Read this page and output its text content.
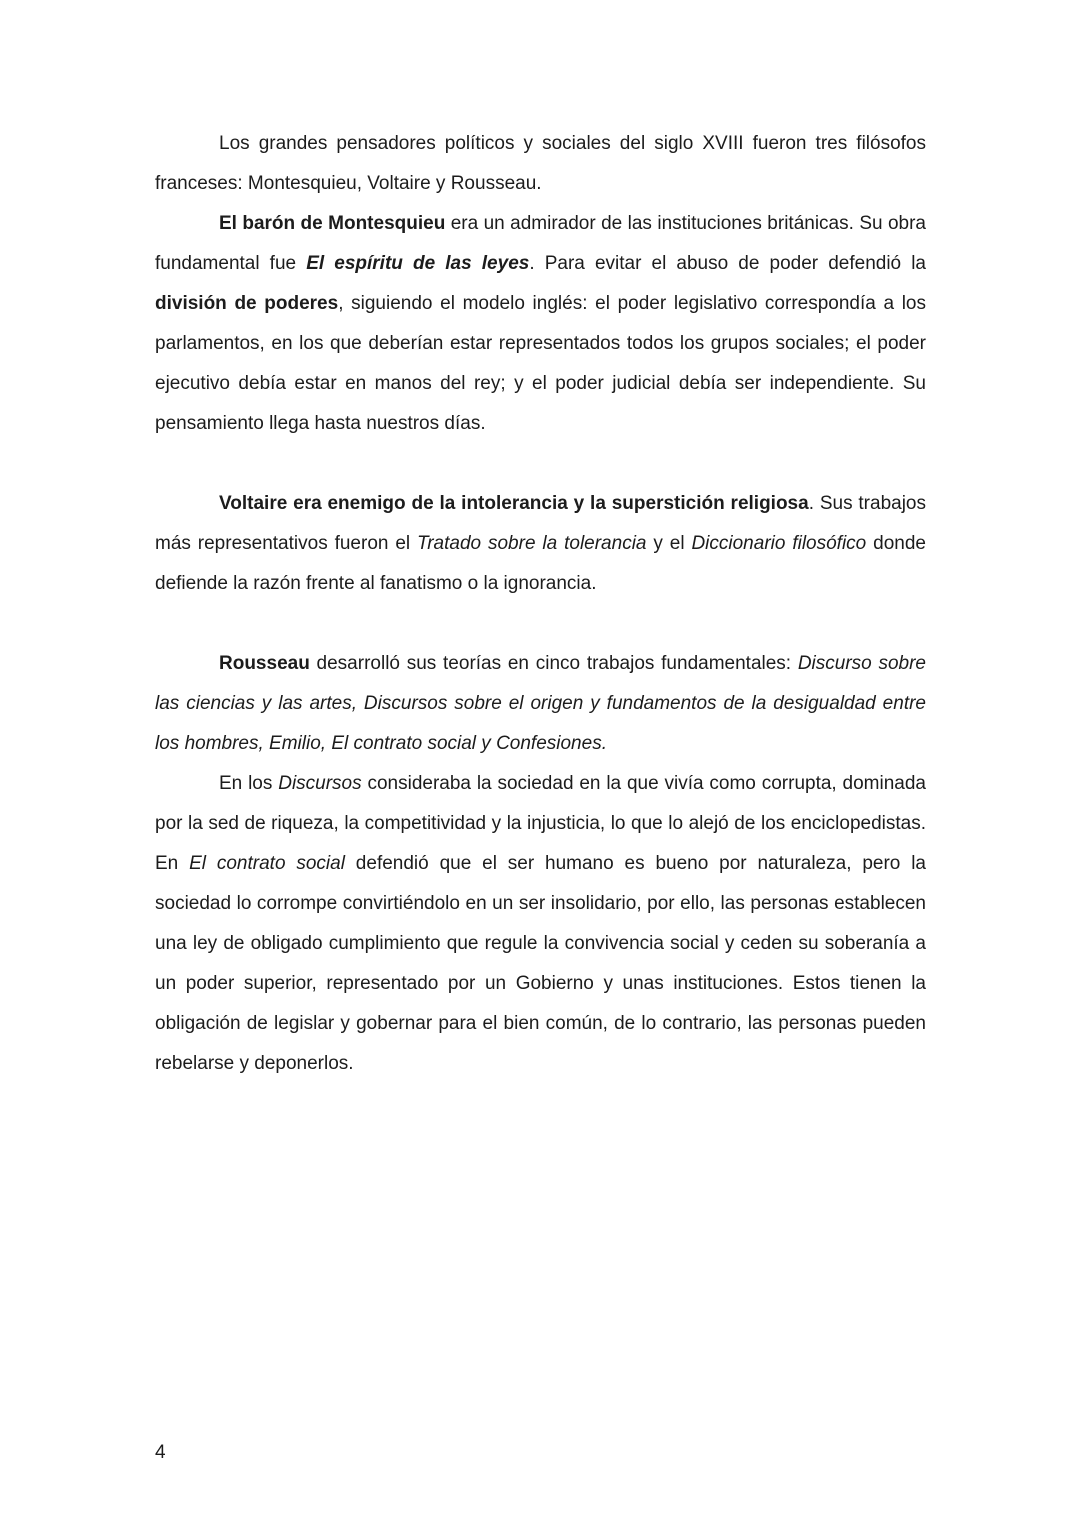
Los grandes pensadores políticos y sociales del siglo XVIII fueron tres filósofos franceses: Montesquieu, Voltaire y Rousseau.

El barón de Montesquieu era un admirador de las instituciones británicas. Su obra fundamental fue El espíritu de las leyes. Para evitar el abuso de poder defendió la división de poderes, siguiendo el modelo inglés: el poder legislativo correspondía a los parlamentos, en los que deberían estar representados todos los grupos sociales; el poder ejecutivo debía estar en manos del rey; y el poder judicial debía ser independiente. Su pensamiento llega hasta nuestros días.

Voltaire era enemigo de la intolerancia y la superstición religiosa. Sus trabajos más representativos fueron el Tratado sobre la tolerancia y el Diccionario filosófico donde defiende la razón frente al fanatismo o la ignorancia.

Rousseau desarrolló sus teorías en cinco trabajos fundamentales: Discurso sobre las ciencias y las artes, Discursos sobre el origen y fundamentos de la desigualdad entre los hombres, Emilio, El contrato social y Confesiones.

En los Discursos consideraba la sociedad en la que vivía como corrupta, dominada por la sed de riqueza, la competitividad y la injusticia, lo que lo alejó de los enciclopedistas. En El contrato social defendió que el ser humano es bueno por naturaleza, pero la sociedad lo corrompe convirtiéndolo en un ser insolidario, por ello, las personas establecen una ley de obligado cumplimiento que regule la convivencia social y ceden su soberanía a un poder superior, representado por un Gobierno y unas instituciones. Estos tienen la obligación de legislar y gobernar para el bien común, de lo contrario, las personas pueden rebelarse y deponerlos.

4
